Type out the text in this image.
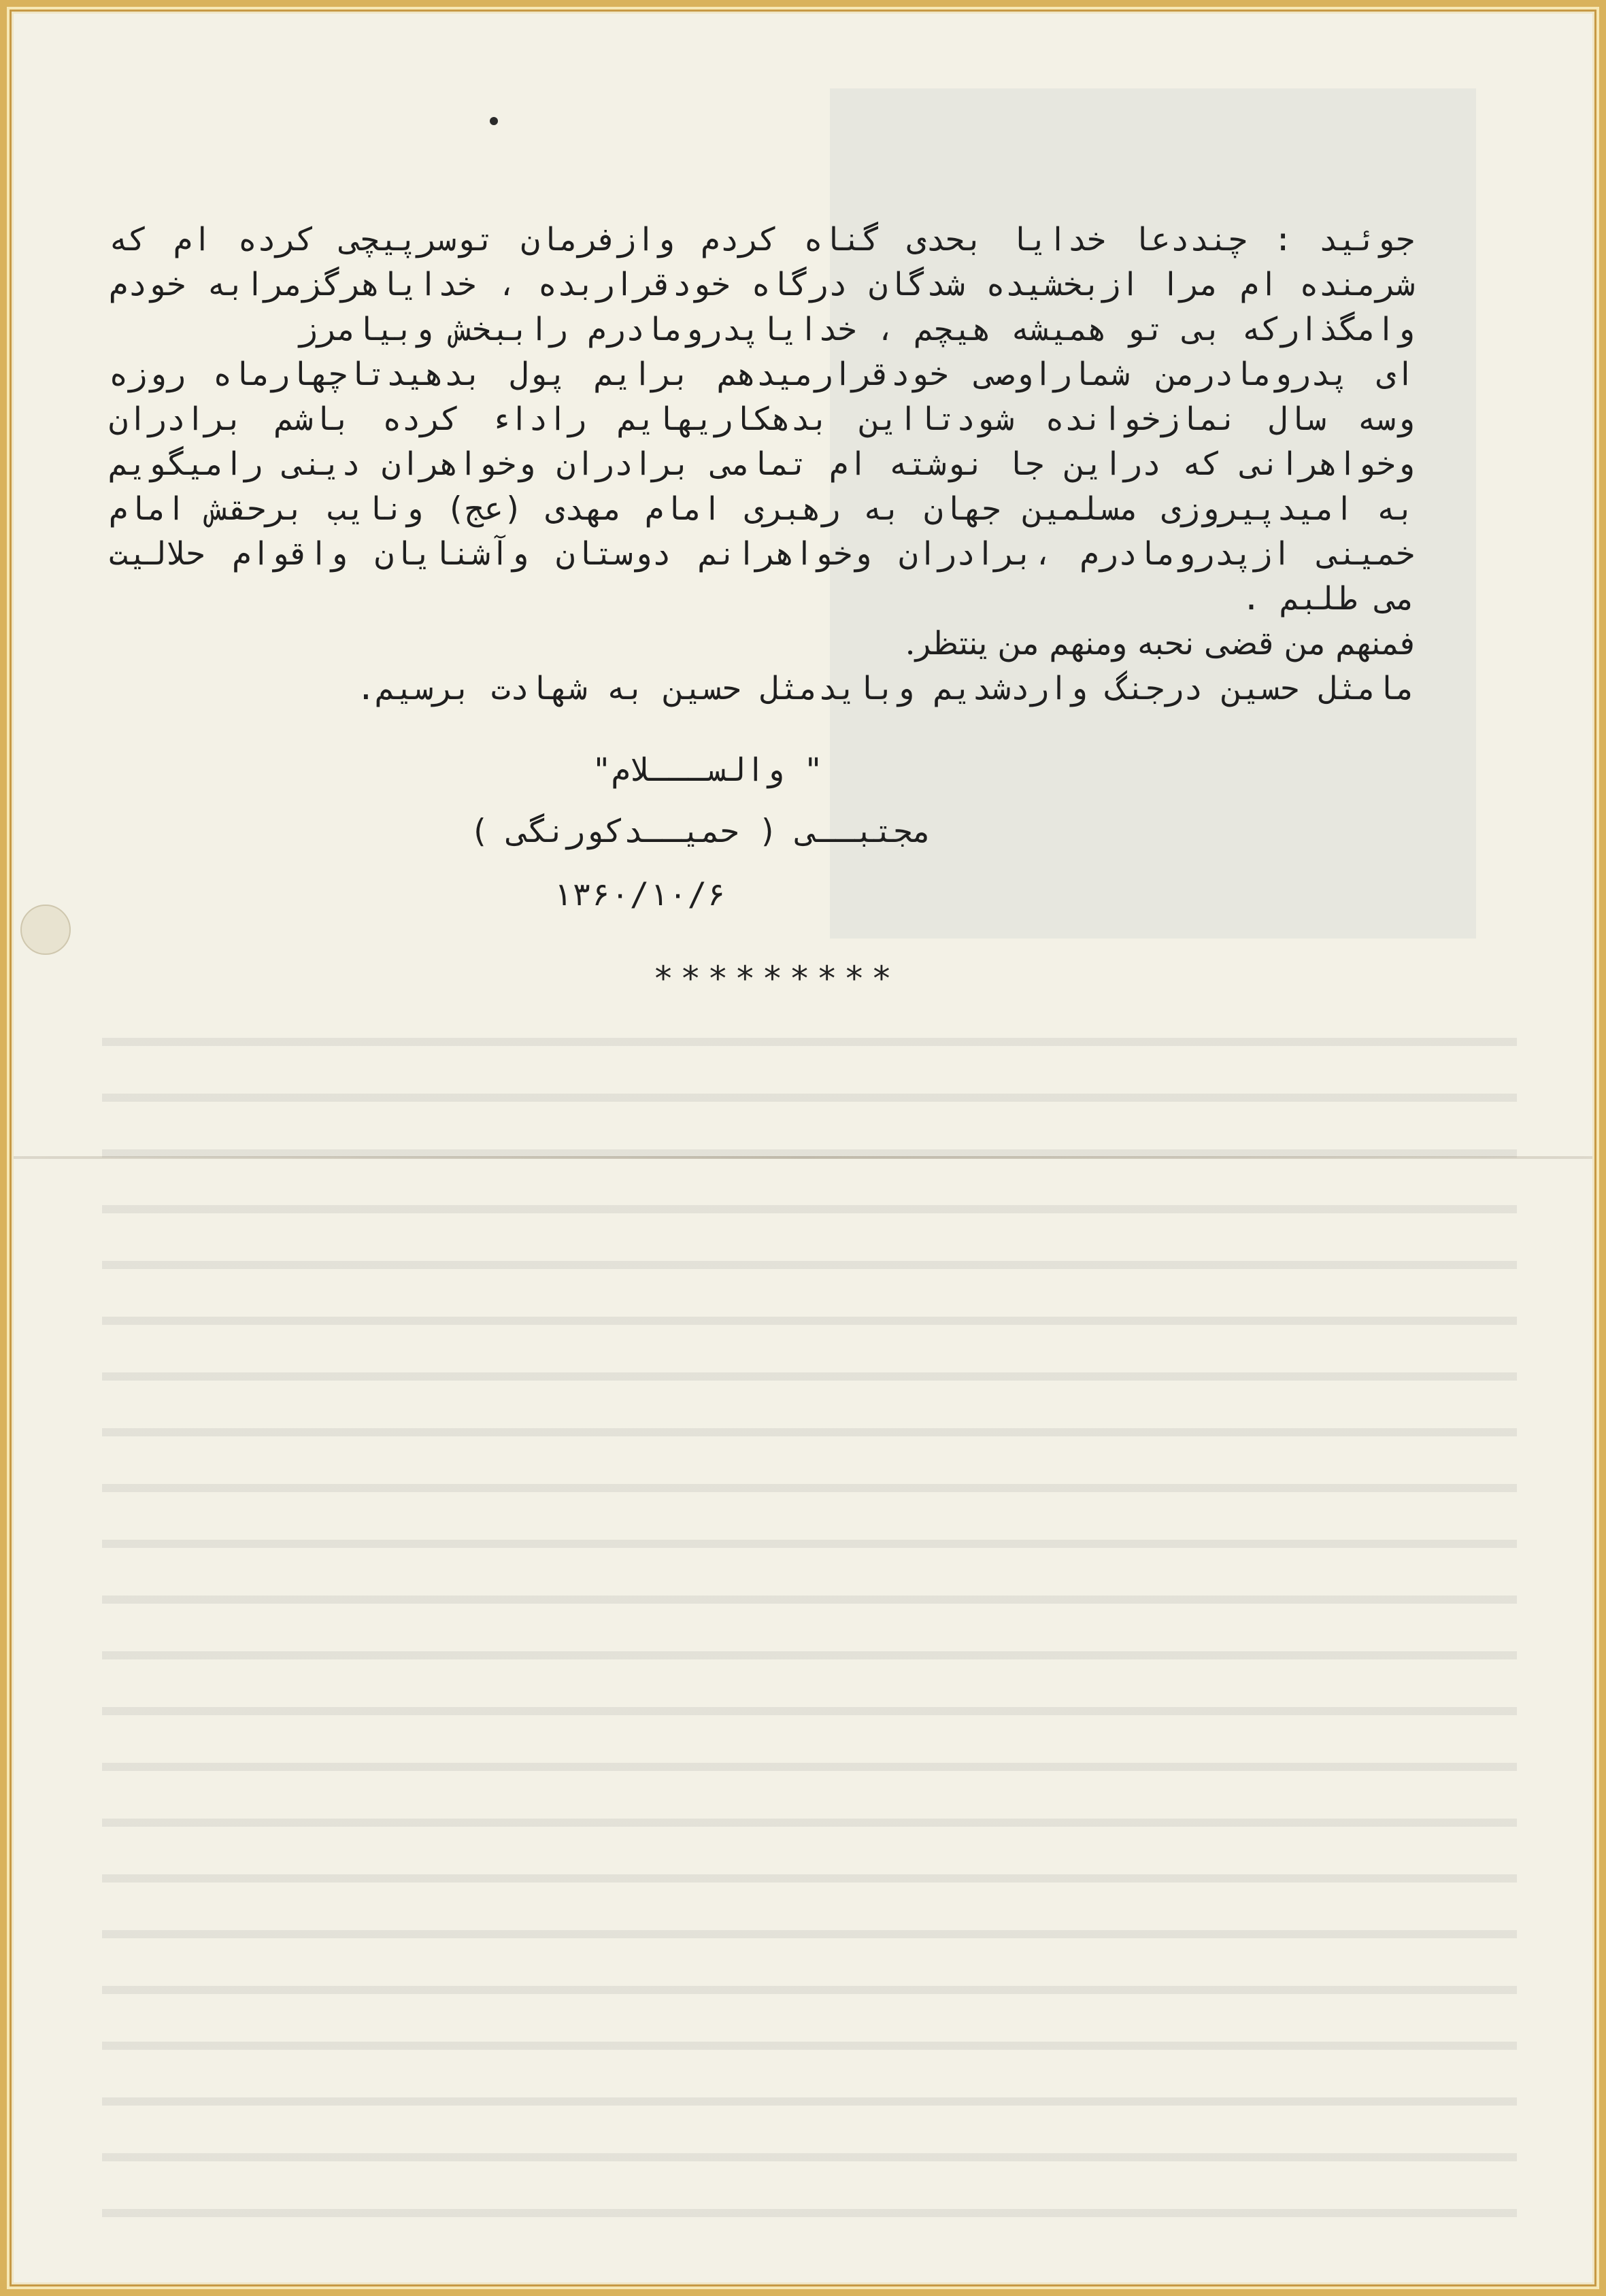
جوئید : چنددعا خدایا بحدی گناه کردم وازفرمان توسرپیچی کرده ام که شرمنده ام مرا ازبخشیده شدگان درگاه خودقراربده ، خدایاهرگزمرابه خودم وامگذارکه بی تو همیشه هیچم ، خدایاپدرومادرم راببخش وبیامرز

ای پدرومادرمن شماراوصی خودقرارمیدهم برایم پول بدهیدتاچهارماه روزه وسه سال نمازخوانده شودتااین بدهکاریهایم راداء کرده باشم برادران وخواهرانی که دراین جا نوشته ام تمامی برادران وخواهران دینی رامیگویم به امیدپیروزی مسلمین جهان به رهبری امام مهدی (عج) ونایب برحقش امام خمینی ازپدرومادرم ،برادران وخواهرانم دوستان وآشنایان واقوام حلالیت می طلبم .

فمنهم من قضی نحبه ومنهم من ینتظر.

مامثل حسین درجنگ واردشدیم وبایدمثل حسین به شهادت برسیم.

" والســـلام"
مجتبــی ( حمیــدکورنگی )
۱۳۶۰/۱۰/۶
*********
